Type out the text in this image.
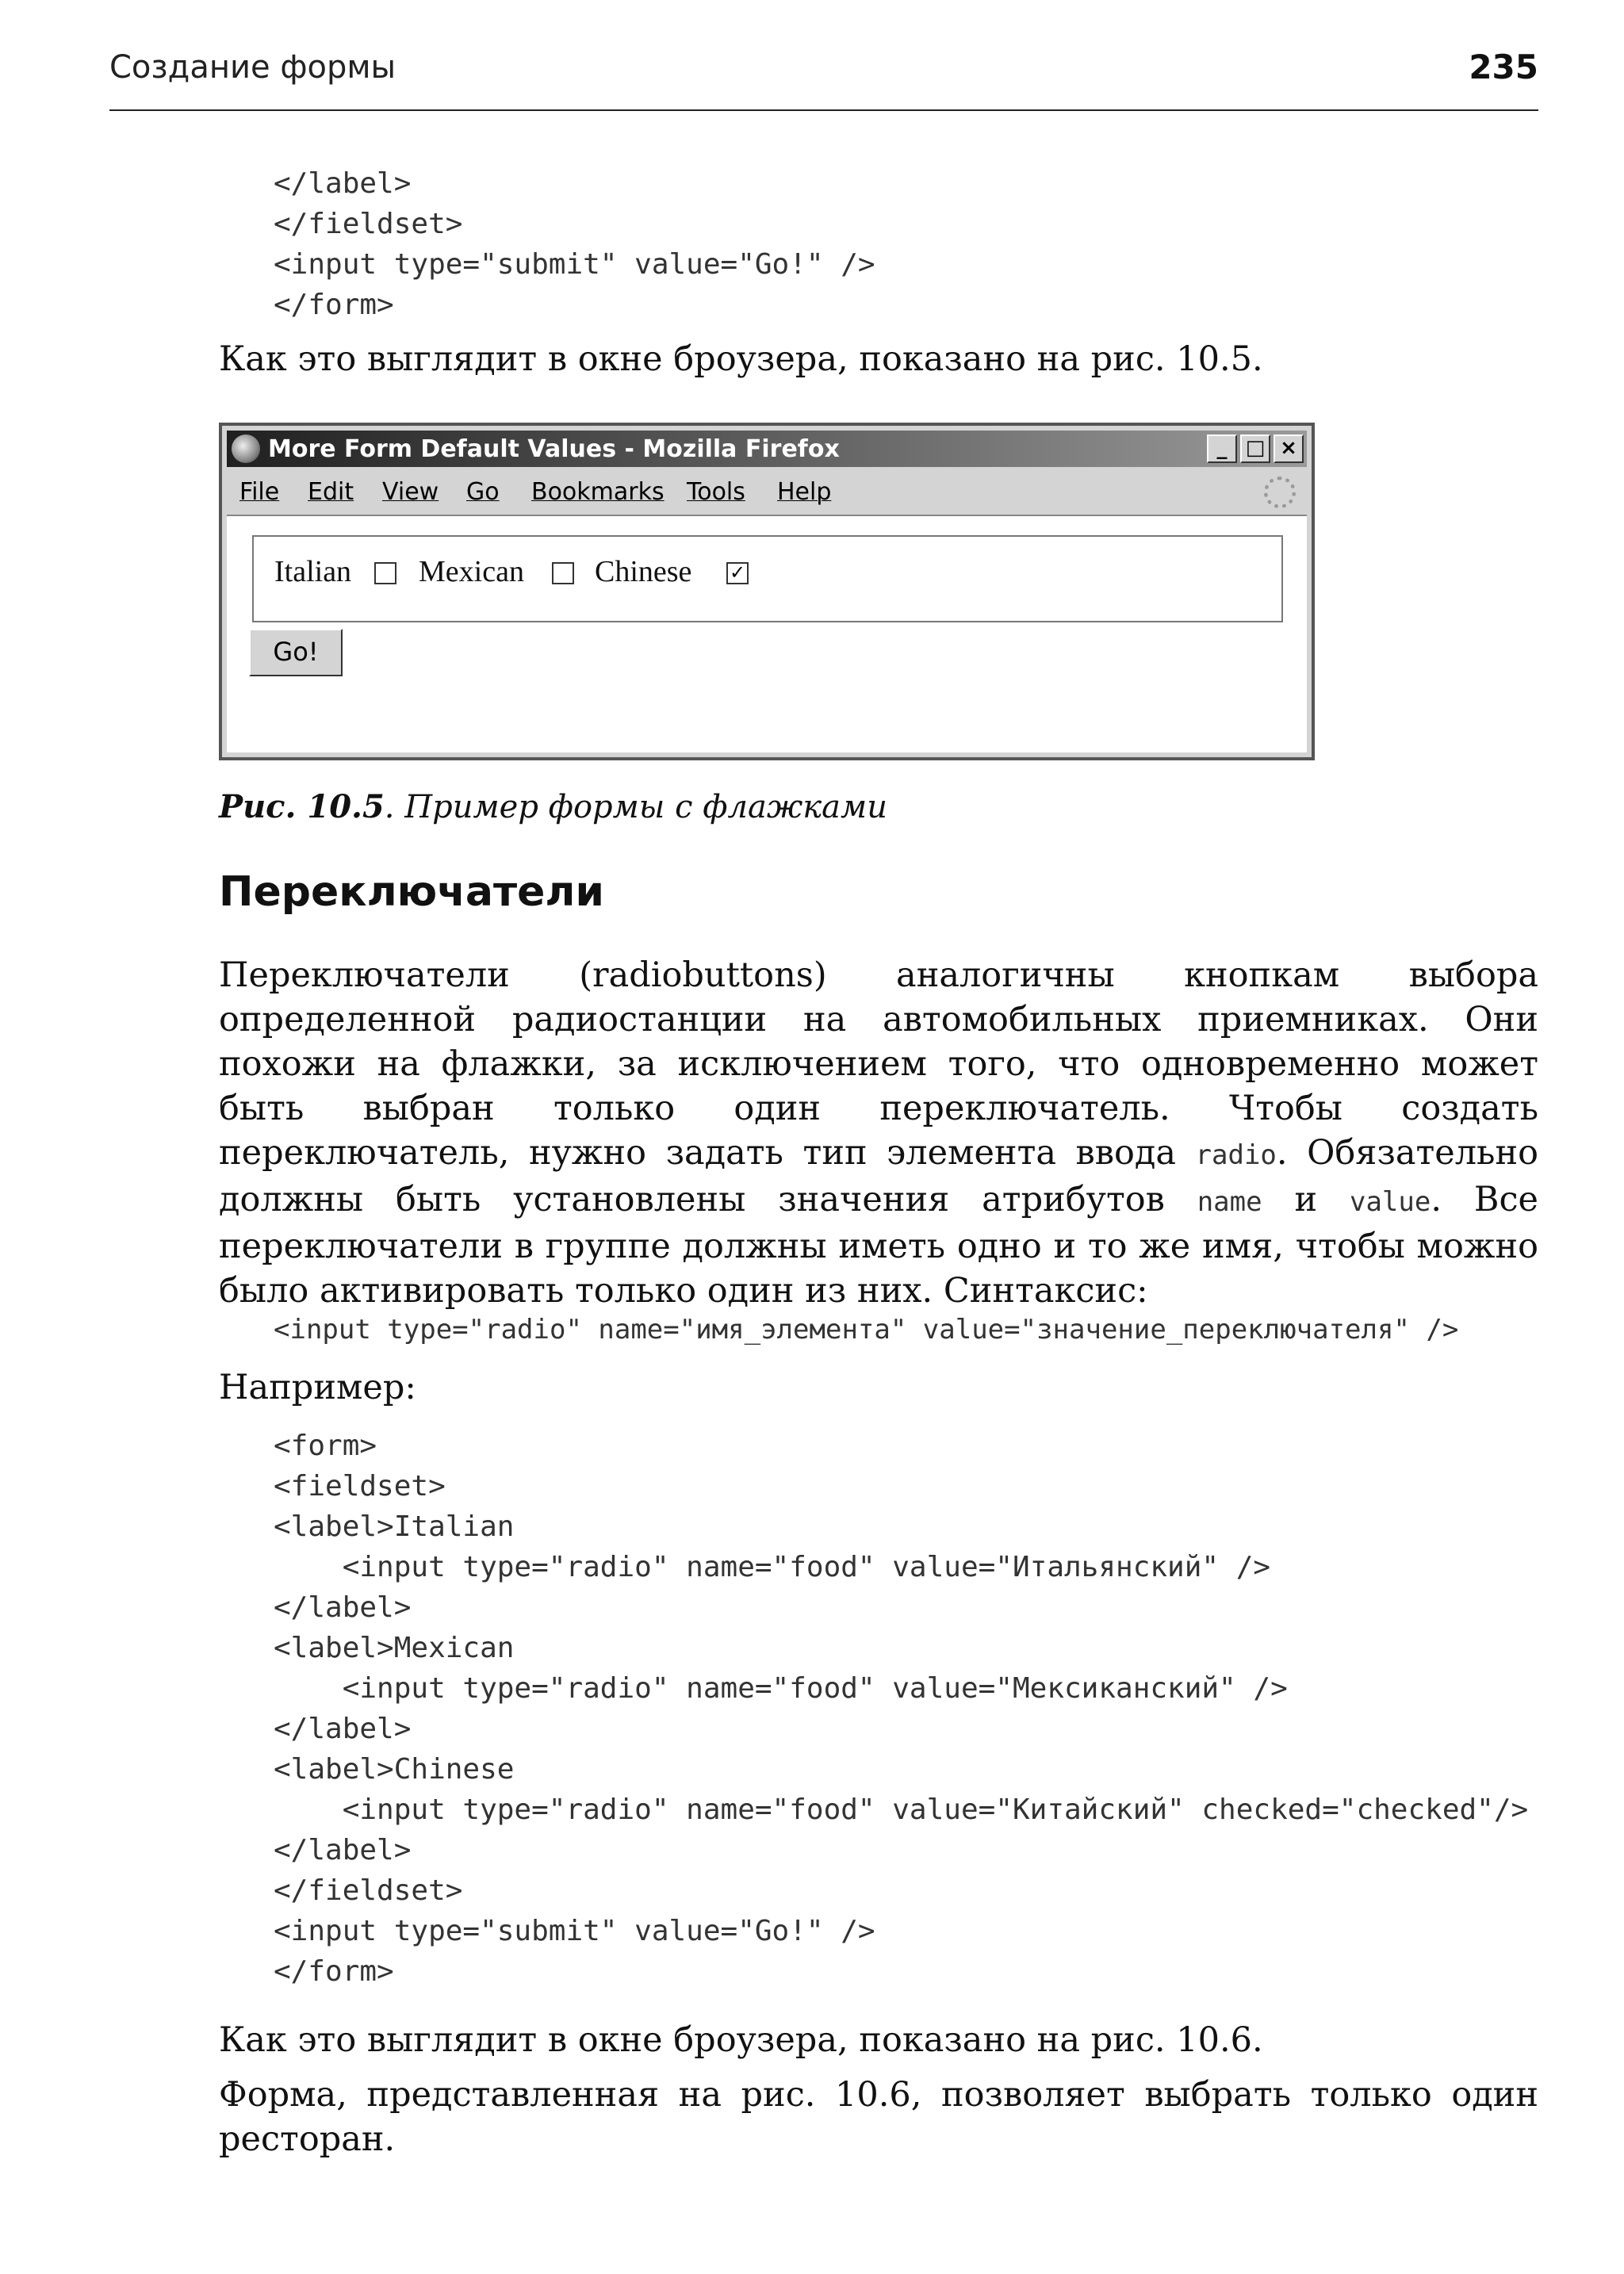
Создание формы	235
</label>
</fieldset>
<input type="submit" value="Go!" />
</form>

Как это выглядит в окне броузера, показано на рис. 10.5.

More Form Default Values - Mozilla Firefox	_ □ ×
File Edit View Go Bookmarks Tools Help
Italian Mexican Chinese ✓
Go!
Рис. 10.5. Пример формы с флажками
Переключатели

Переключатели (radiobuttons) аналогичны кнопкам выбора определенной радиостанции на автомобильных приемниках. Они похожи на флажки, за исключением того, что одновременно может быть выбран только один переключатель. Чтобы создать переключатель, нужно задать тип элемента ввода radio. Обязательно должны быть установлены значения атрибутов name и value. Все переключатели в группе должны иметь одно и то же имя, чтобы можно было активировать только один из них. Синтаксис:

<input type="radio" name="имя_элемента" value="значение_переключателя" />

Например:

<form>
<fieldset>
<label>Italian
<input type="radio" name="food" value="Итальянский" />
</label>
<label>Mexican
<input type="radio" name="food" value="Мексиканский" />
</label>
<label>Chinese
<input type="radio" name="food" value="Китайский" checked="checked"/>
</label>
</fieldset>
<input type="submit" value="Go!" />
</form>

Как это выглядит в окне броузера, показано на рис. 10.6.

Форма, представленная на рис. 10.6, позволяет выбрать только один ресторан.
